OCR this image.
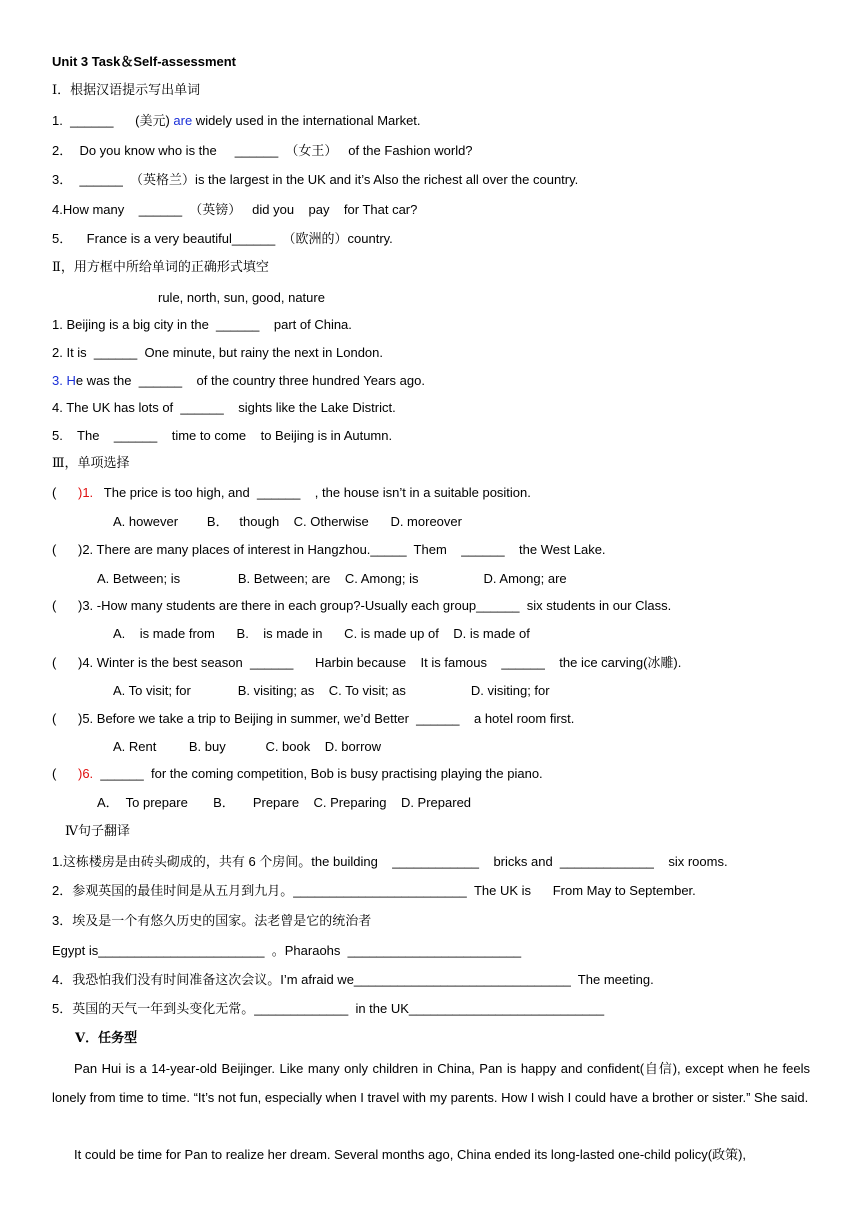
Unit 3 Task＆Self-assessment
Ⅰ．根据汉语提示写出单词
1.  ______      (美元) are widely used in the international Market.
2．  Do you know who is the     ______  （女王）   of the Fashion world?
3．  ______  （英格兰）is the largest in the UK and it’s Also the richest all over the country.
4.How many    ______  （英镑）   did you    pay    for That car?
5．    France is a very beautiful______  （欧洲的）country.
Ⅱ，用方框中所给单词的正确形式填空
rule, north, sun, good, nature
1. Beijing is a big city in the  ______    part of China.
2. It is  ______  One minute, but rainy the next in London.
3. He was the  ______    of the country three hundred Years ago.
4. The UK has lots of  ______    sights like the Lake District.
5.    The    ______    time to come    to Beijing is in Autumn.
Ⅲ，单项选择
(      )1.   The price is too high, and  ______    , the house isn’t in a suitable position.
A. however        B．   though    C. Otherwise      D. moreover
(      )2. There are many places of interest in Hangzhou._____  Them    ______    the West Lake.
A. Between; is                B. Between; are    C. Among; is                  D. Among; are
(      )3. -How many students are there in each group?-Usually each group______  six students in our Class.
A.    is made from      B.    is made in      C. is made up of    D. is made of
(      )4. Winter is the best season  ______      Harbin because    It is famous    ______    the ice carving(冰雕).
A. To visit; for             B. visiting; as    C. To visit; as                  D. visiting; for
(      )5. Before we take a trip to Beijing in summer, we’d Better  ______    a hotel room first.
A. Rent         B. buy           C. book    D. borrow
(      )6.  ______  for the coming competition, Bob is busy practising playing the piano.
A．  To prepare       B．     Prepare    C. Preparing    D. Prepared
Ⅳ句子翻译
1.这栋楼房是由砖头砌成的，共有 6 个房间。the building    ____________    bricks and  _____________    six rooms.
2．参观英国的最佳时间是从五月到九月。________________________  The UK is      From May to September.
3．埃及是一个有悠久历史的国家。法老曾是它的统治者
Egypt is_______________________  。Pharaohs  ________________________
4．我恐怕我们没有时间准备这次会议。I’m afraid we______________________________  The meeting.
5．英国的天气一年到头变化无常。_____________  in the UK___________________________
Ⅴ．任务型
Pan Hui is a 14-year-old Beijinger. Like many only children in China, Pan is happy and confident(自信), except when he feels lonely from time to time. “It’s not fun, especially when I travel with my parents. How I wish I could have a brother or sister.” She said.
It could be time for Pan to realize her dream. Several months ago, China ended its long-lasted one-child policy(政策),
